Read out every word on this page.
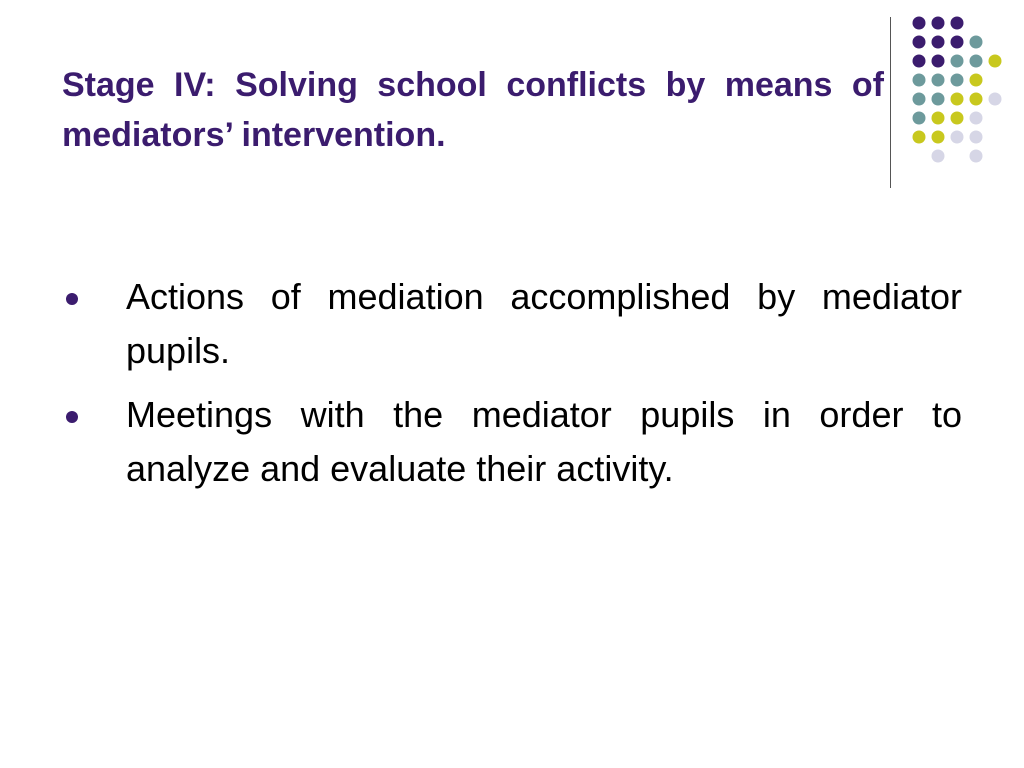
Stage IV: Solving school conflicts by means of mediators’ intervention.
Actions of mediation accomplished by mediator pupils.
Meetings with the mediator pupils in order to analyze and evaluate their activity.
